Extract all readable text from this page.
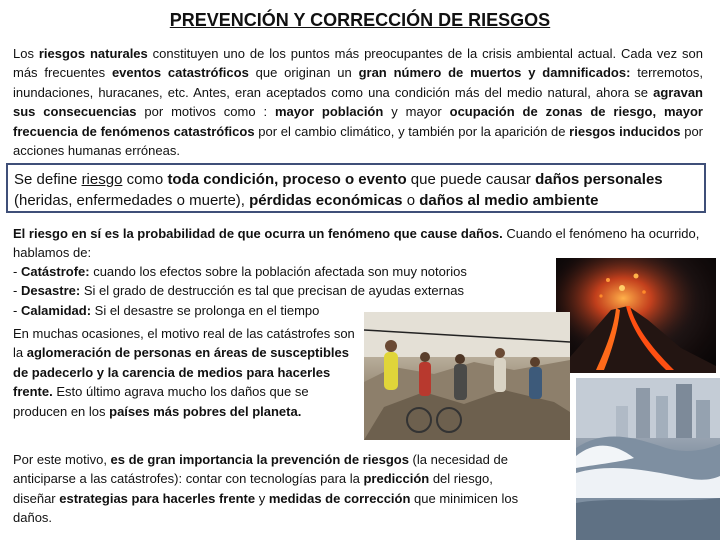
PREVENCIÓN Y CORRECCIÓN DE RIESGOS

Los riesgos naturales constituyen uno de los puntos más preocupantes de la crisis ambiental actual. Cada vez son más frecuentes eventos catastróficos que originan un gran número de muertos y damnificados: terremotos, inundaciones, huracanes, etc. Antes, eran aceptados como una condición más del medio natural, ahora se agravan sus consecuencias por motivos como : mayor población y mayor ocupación de zonas de riesgo, mayor frecuencia de fenómenos catastróficos por el cambio climático, y también por la aparición de riesgos inducidos por acciones humanas erróneas.

Se define riesgo como toda condición, proceso o evento que puede causar daños personales (heridas, enfermedades o muerte), pérdidas económicas o daños al medio ambiente

El riesgo en sí es la probabilidad de que ocurra un fenómeno que cause daños. Cuando el fenómeno ha ocurrido, hablamos de:

- Catástrofe: cuando los efectos sobre la población afectada son muy notorios
- Desastre: Si el grado de destrucción es tal que precisan de ayudas externas
- Calamidad: Si el desastre se prolonga en el tiempo

En muchas ocasiones, el motivo real de las catástrofes son la aglomeración de personas en áreas de susceptibles de padecerlo y la carencia de medios para hacerles frente. Esto último agrava mucho los daños que se producen en los países más pobres del planeta.

Por este motivo, es de gran importancia la prevención de riesgos (la necesidad de anticiparse a las catástrofes): contar con tecnologías para la predicción del riesgo, diseñar estrategias para hacerles frente y medidas de corrección que minimicen los daños.
